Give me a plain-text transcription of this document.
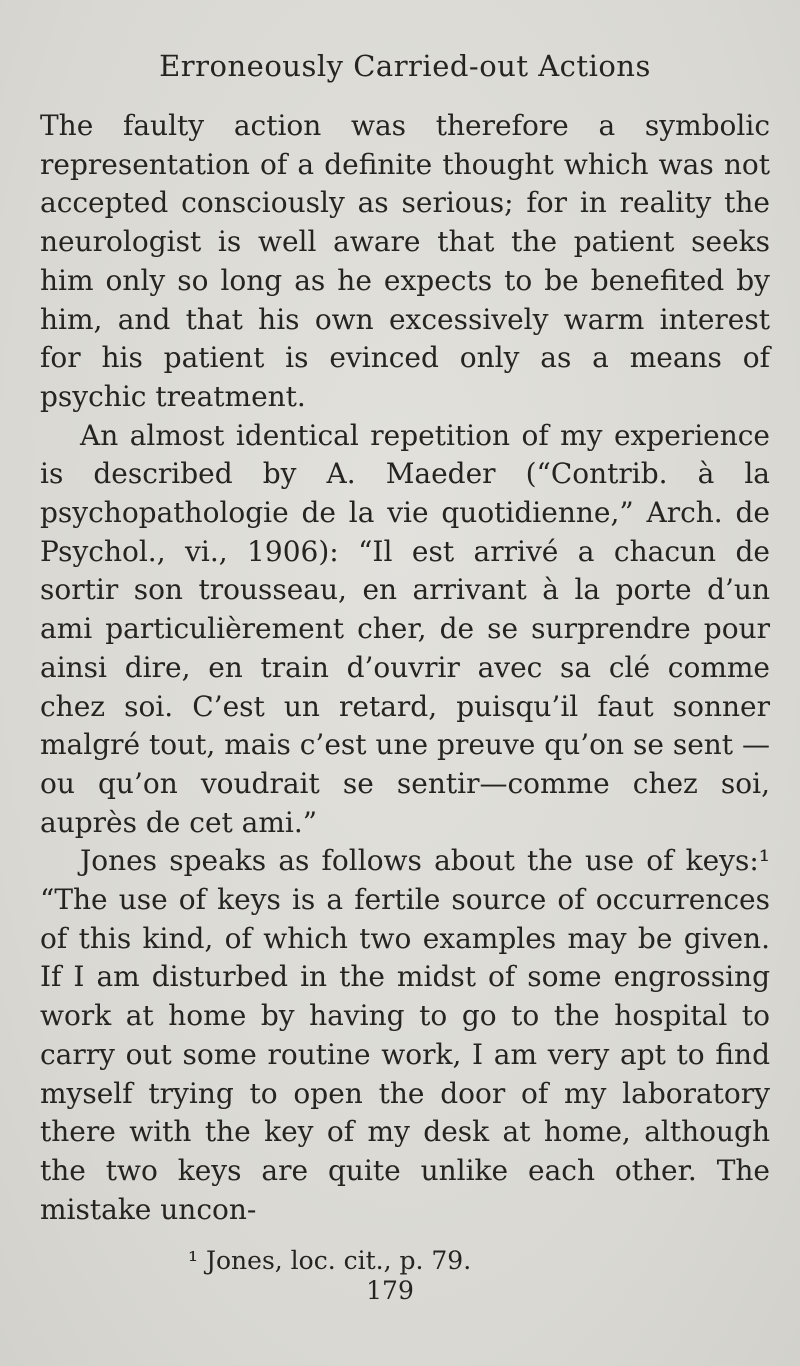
Erroneously Carried-out Actions

The faulty action was therefore a symbolic representation of a definite thought which was not accepted consciously as serious; for in reality the neurologist is well aware that the patient seeks him only so long as he expects to be benefited by him, and that his own excessively warm interest for his patient is evinced only as a means of psychic treatment.

An almost identical repetition of my experience is described by A. Maeder (“Contrib. à la psychopathologie de la vie quotidienne,” Arch. de Psychol., vi., 1906): “Il est arrivé a chacun de sortir son trousseau, en arrivant à la porte d’un ami particulièrement cher, de se surprendre pour ainsi dire, en train d’ouvrir avec sa clé comme chez soi. C’est un retard, puisqu’il faut sonner malgré tout, mais c’est une preuve qu’on se sent —ou qu’on voudrait se sentir—comme chez soi, auprès de cet ami.”

Jones speaks as follows about the use of keys:¹ “The use of keys is a fertile source of occurrences of this kind, of which two examples may be given. If I am disturbed in the midst of some engrossing work at home by having to go to the hospital to carry out some routine work, I am very apt to find myself trying to open the door of my laboratory there with the key of my desk at home, although the two keys are quite unlike each other. The mistake uncon-

¹ Jones, loc. cit., p. 79.
179
